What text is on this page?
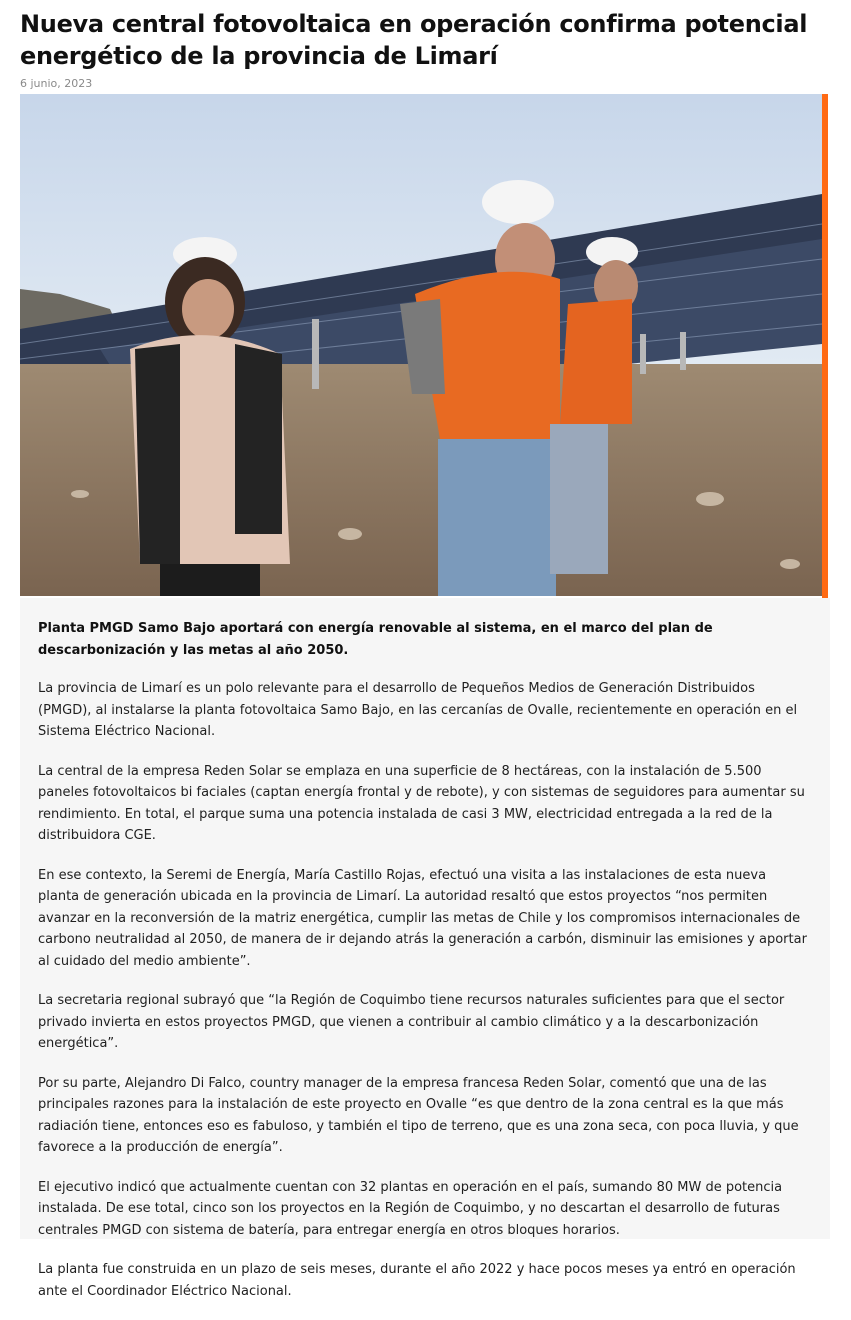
Nueva central fotovoltaica en operación confirma potencial energético de la provincia de Limarí
6 junio, 2023

Planta PMGD Samo Bajo aportará con energía renovable al sistema, en el marco del plan de descarbonización y las metas al año 2050.

La provincia de Limarí es un polo relevante para el desarrollo de Pequeños Medios de Generación Distribuidos (PMGD), al instalarse la planta fotovoltaica Samo Bajo, en las cercanías de Ovalle, recientemente en operación en el Sistema Eléctrico Nacional.

La central de la empresa Reden Solar se emplaza en una superficie de 8 hectáreas, con la instalación de 5.500 paneles fotovoltaicos bi faciales (captan energía frontal y de rebote), y con sistemas de seguidores para aumentar su rendimiento. En total, el parque suma una potencia instalada de casi 3 MW, electricidad entregada a la red de la distribuidora CGE.

En ese contexto, la Seremi de Energía, María Castillo Rojas, efectuó una visita a las instalaciones de esta nueva planta de generación ubicada en la provincia de Limarí. La autoridad resaltó que estos proyectos “nos permiten avanzar en la reconversión de la matriz energética, cumplir las metas de Chile y los compromisos internacionales de carbono neutralidad al 2050, de manera de ir dejando atrás la generación a carbón, disminuir las emisiones y aportar al cuidado del medio ambiente”.

La secretaria regional subrayó que “la Región de Coquimbo tiene recursos naturales suficientes para que el sector privado invierta en estos proyectos PMGD, que vienen a contribuir al cambio climático y a la descarbonización energética”.

Por su parte, Alejandro Di Falco, country manager de la empresa francesa Reden Solar, comentó que una de las principales razones para la instalación de este proyecto en Ovalle “es que dentro de la zona central es la que más radiación tiene, entonces eso es fabuloso, y también el tipo de terreno, que es una zona seca, con poca lluvia, y que favorece a la producción de energía”.

El ejecutivo indicó que actualmente cuentan con 32 plantas en operación en el país, sumando 80 MW de potencia instalada. De ese total, cinco son los proyectos en la Región de Coquimbo, y no descartan el desarrollo de futuras centrales PMGD con sistema de batería, para entregar energía en otros bloques horarios.

La planta fue construida en un plazo de seis meses, durante el año 2022 y hace pocos meses ya entró en operación ante el Coordinador Eléctrico Nacional.
